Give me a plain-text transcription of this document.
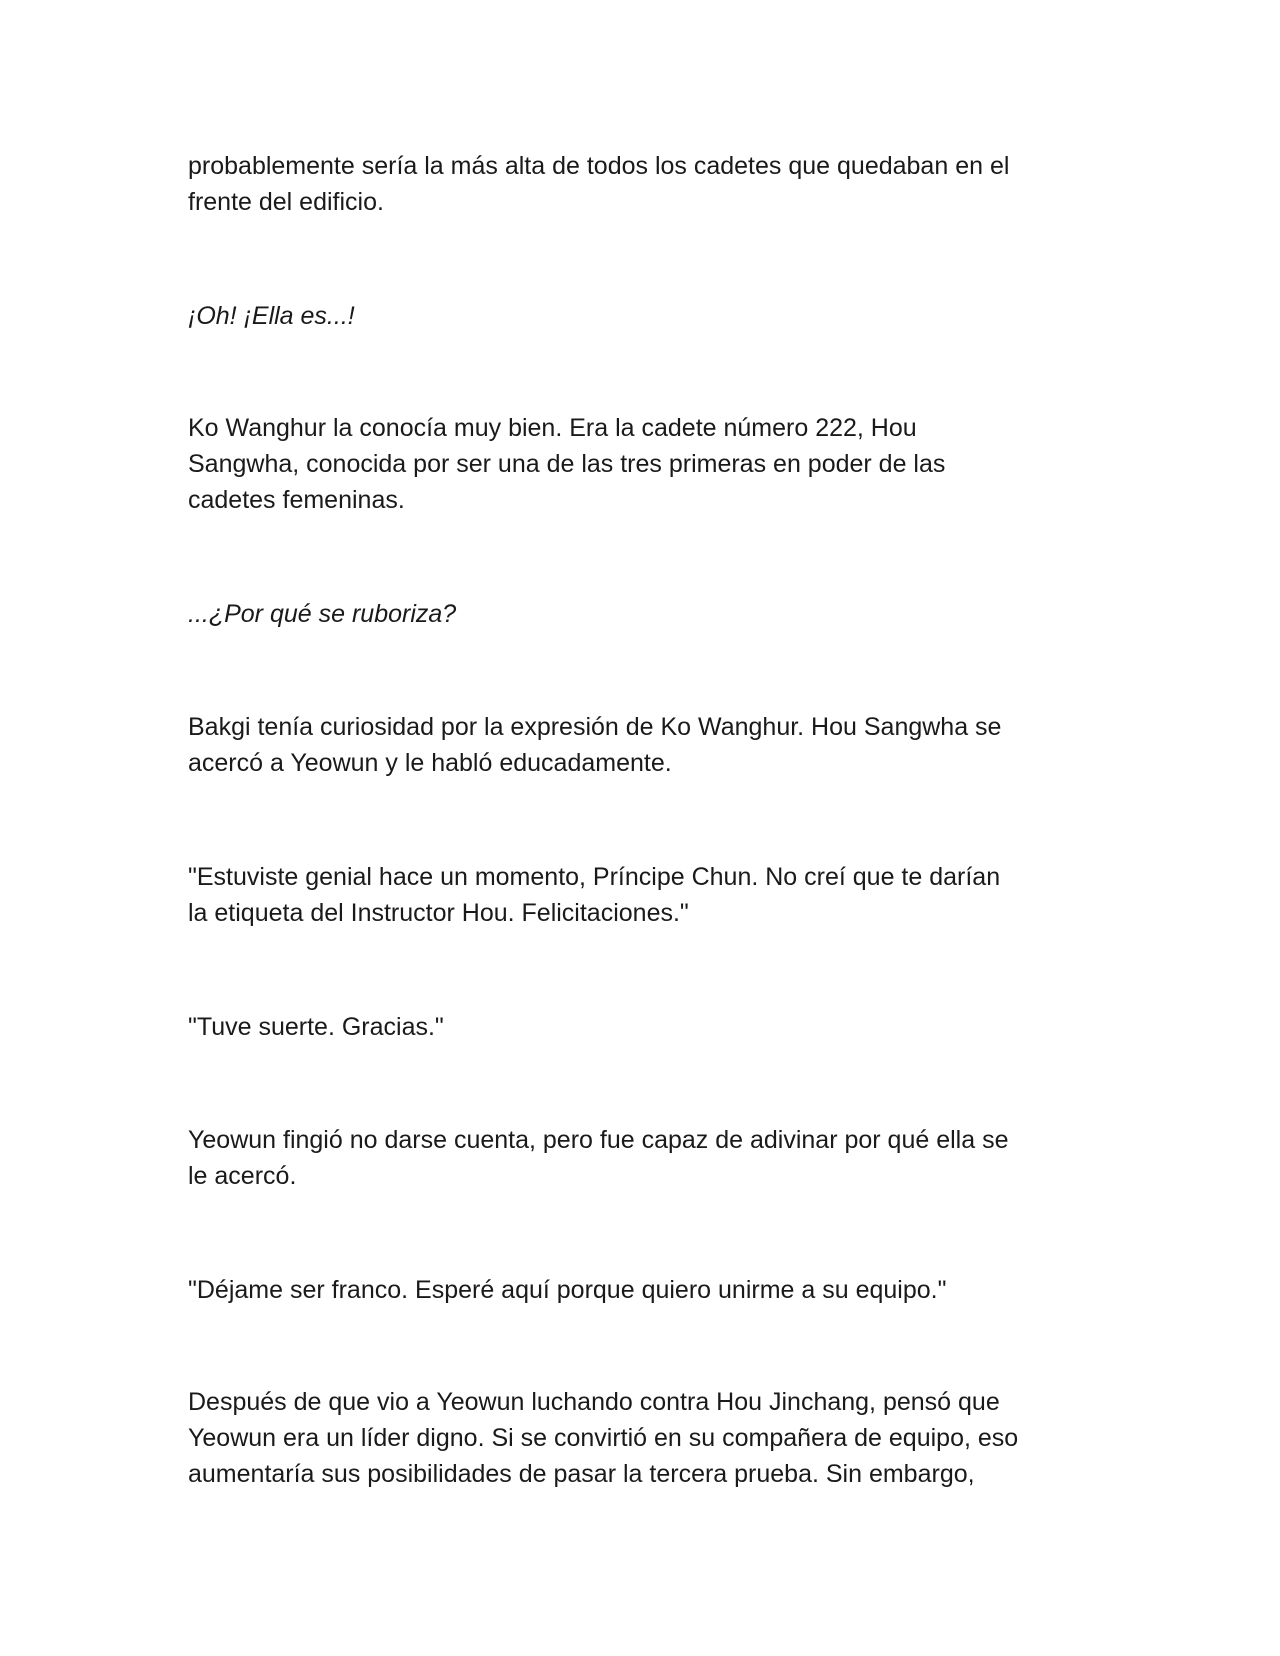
probablemente sería la más alta de todos los cadetes que quedaban en el
frente del edificio.

¡Oh! ¡Ella es...!

Ko Wanghur la conocía muy bien. Era la cadete número 222, Hou
Sangwha, conocida por ser una de las tres primeras en poder de las
cadetes femeninas.

...¿Por qué se ruboriza?

Bakgi tenía curiosidad por la expresión de Ko Wanghur. Hou Sangwha se
acercó a Yeowun y le habló educadamente.

"Estuviste genial hace un momento, Príncipe Chun. No creí que te darían
la etiqueta del Instructor Hou. Felicitaciones."

"Tuve suerte. Gracias."

Yeowun fingió no darse cuenta, pero fue capaz de adivinar por qué ella se
le acercó.

"Déjame ser franco. Esperé aquí porque quiero unirme a su equipo."

Después de que vio a Yeowun luchando contra Hou Jinchang, pensó que
Yeowun era un líder digno. Si se convirtió en su compañera de equipo, eso
aumentaría sus posibilidades de pasar la tercera prueba. Sin embargo,
